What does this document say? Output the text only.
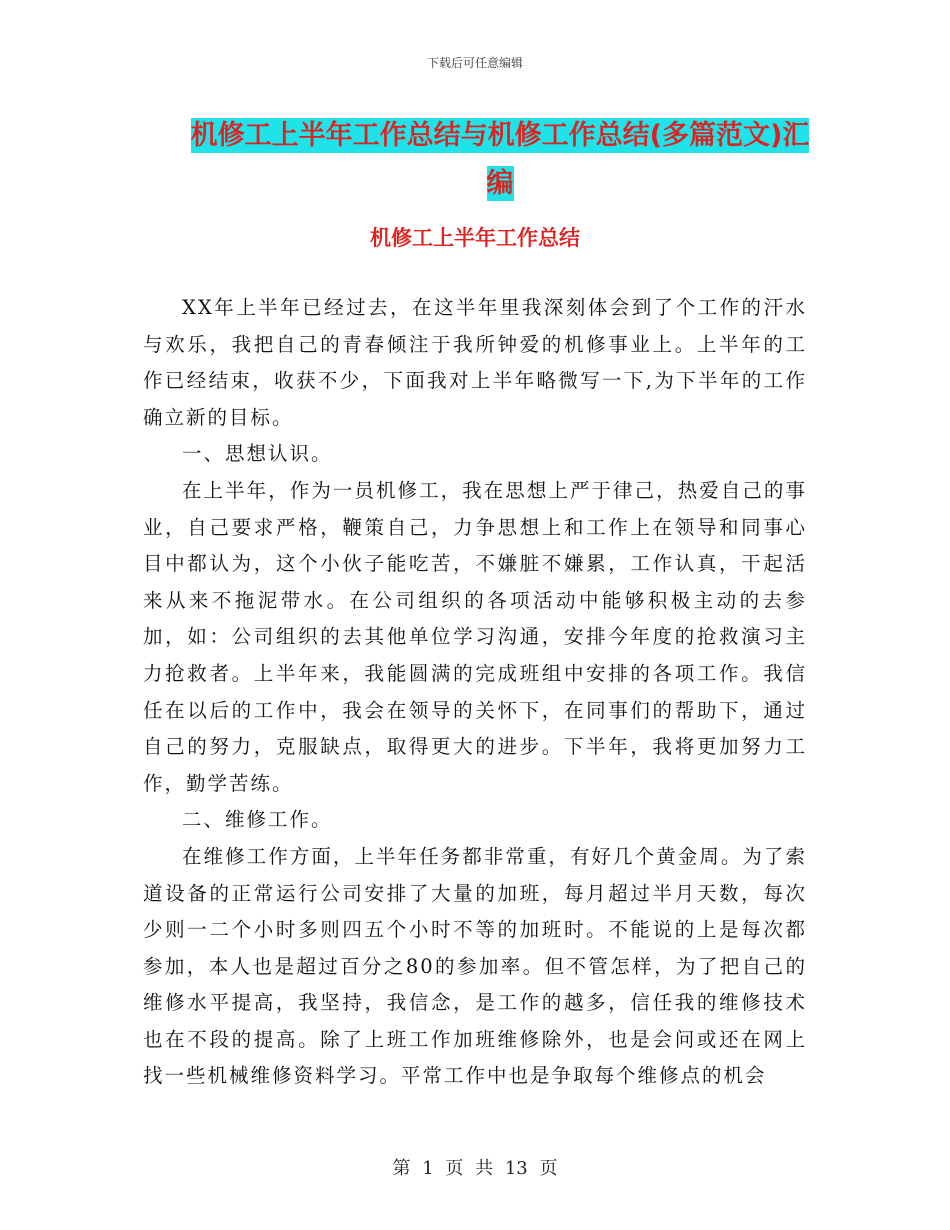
下载后可任意编辑
机修工上半年工作总结与机修工作总结(多篇范文)汇
编
机修工上半年工作总结

XX年上半年已经过去，在这半年里我深刻体会到了个工作的汗水与欢乐，我把自己的青春倾注于我所钟爱的机修事业上。上半年的工作已经结束，收获不少，下面我对上半年略微写一下,为下半年的工作确立新的目标。

一、思想认识。

在上半年，作为一员机修工，我在思想上严于律己，热爱自己的事业，自己要求严格，鞭策自己，力争思想上和工作上在领导和同事心目中都认为，这个小伙子能吃苦，不嫌脏不嫌累，工作认真，干起活来从来不拖泥带水。在公司组织的各项活动中能够积极主动的去参加，如：公司组织的去其他单位学习沟通，安排今年度的抢救演习主力抢救者。上半年来，我能圆满的完成班组中安排的各项工作。我信任在以后的工作中，我会在领导的关怀下，在同事们的帮助下，通过自己的努力，克服缺点，取得更大的进步。下半年，我将更加努力工作，勤学苦练。

二、维修工作。

在维修工作方面，上半年任务都非常重，有好几个黄金周。为了索道设备的正常运行公司安排了大量的加班，每月超过半月天数，每次少则一二个小时多则四五个小时不等的加班时。不能说的上是每次都参加，本人也是超过百分之80的参加率。但不管怎样，为了把自己的维修水平提高，我坚持，我信念，是工作的越多，信任我的维修技术也在不段的提高。除了上班工作加班维修除外，也是会问或还在网上找一些机械维修资料学习。平常工作中也是争取每个维修点的机会

第 1 页 共 13 页
